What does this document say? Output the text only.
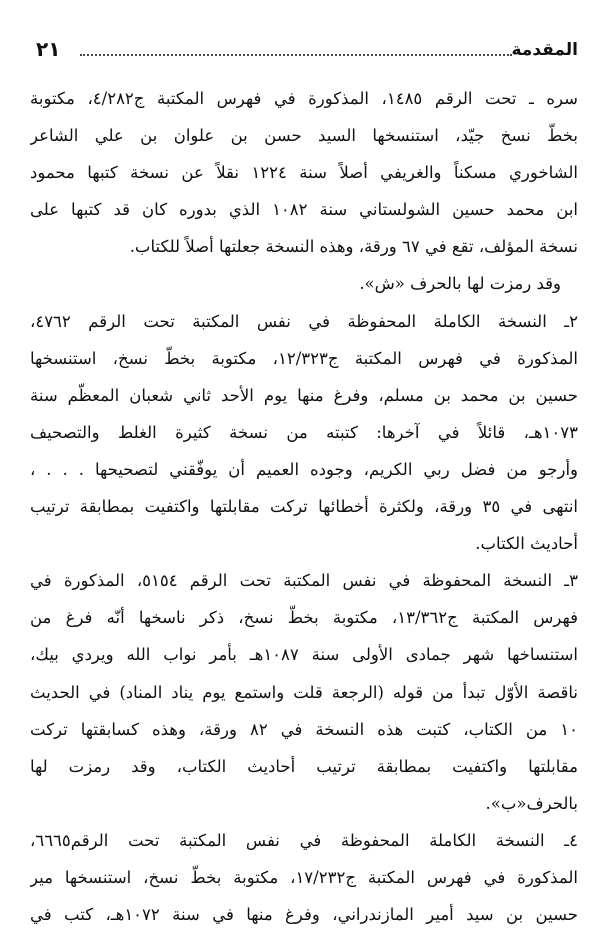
المقدمة
٢١
سره ـ تحت الرقم ١٤٨٥، المذكورة في فهرس المكتبة ج٤/٢٨٢، مكتوبة
بخطّ نسخ جيّد، استنسخها السيد حسن بن علوان بن علي الشاعر
الشاخوري مسكناً والغريفي أصلاً سنة ١٢٢٤ نقلاً عن نسخة كتبها محمود
ابن محمد حسين الشولستاني سنة ١٠٨٢ الذي بدوره كان قد كتبها على
نسخة المؤلف، تقع في ٦٧ ورقة، وهذه النسخة جعلتها أصلاً للكتاب.
وقد رمزت لها بالحرف «ش».
٢ـ النسخة الكاملة المحفوظة في نفس المكتبة تحت الرقم ٤٧٦٢،
المذكورة في فهرس المكتبة ج١٢/٣٢٣، مكتوبة بخطّ نسخ، استنسخها
حسين بن محمد بن مسلم، وفرغ منها يوم الأحد ثاني شعبان المعظّم سنة
١٠٧٣هـ، قائلاً في آخرها: كتبته من نسخة كثيرة الغلط والتصحيف
وأرجو من فضل ربي الكريم، وجوده العميم أن يوفّقني لتصحيحها . . . ،
انتهى في ٣٥ ورقة، ولكثرة أخطائها تركت مقابلتها واكتفيت بمطابقة ترتيب
أحاديث الكتاب.
٣ـ النسخة المحفوظة في نفس المكتبة تحت الرقم ٥١٥٤، المذكورة في
فهرس المكتبة ج١٣/٣٦٢، مكتوبة بخطّ نسخ، ذكر ناسخها أنّه فرغ من
استنساخها شهر جمادى الأولى سنة ١٠٨٧هـ بأمر نواب الله ويردي بيك،
ناقصة الأوّل تبدأ من قوله (الرجعة قلت واستمع يوم يناد المناد) في الحديث
١٠ من الكتاب، كتبت هذه النسخة في ٨٢ ورقة، وهذه كسابقتها تركت
مقابلتها واكتفيت بمطابقة ترتيب أحاديث الكتاب، وقد رمزت لها
بالحرف«ب».
٤ـ النسخة الكاملة المحفوظة في نفس المكتبة تحت الرقم٦٦٦٥،
المذكورة في فهرس المكتبة ج١٧/٢٣٢، مكتوبة بخطّ نسخ، استنسخها مير
حسين بن سيد أمير المازندراني، وفرغ منها في سنة ١٠٧٢هـ، كتب في
